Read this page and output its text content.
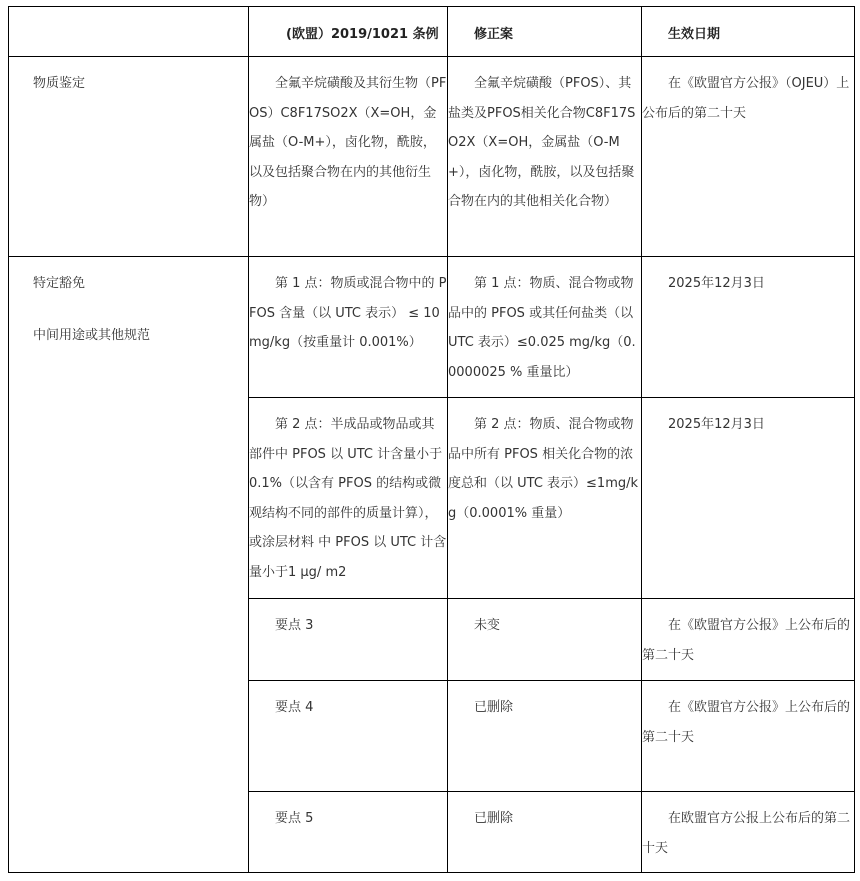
	(欧盟）2019/1021 条例	修正案	生效日期

物质鉴定	全氟辛烷磺酸及其衍生物（PFOS）C8F17SO2X（X=OH，金属盐（O-M+），卤化物，酰胺，以及包括聚合物在内的其他衍生物）	全氟辛烷磺酸（PFOS）、其盐类及PFOS相关化合物C8F17SO2X（X=OH，金属盐（O-M+），卤化物，酰胺，以及包括聚合物在内的其他相关化合物）	在《欧盟官方公报》（OJEU）上公布后的第二十天

特定豁免

中间用途或其他规范	第 1 点：物质或混合物中的 PFOS 含量（以 UTC 表示） ≤ 10 mg/kg（按重量计 0.001%）	第 1 点：物质、混合物或物品中的 PFOS 或其任何盐类（以 UTC 表示）≤0.025 mg/kg（0.0000025 % 重量比）	2025年12月3日

	第 2 点：半成品或物品或其部件中 PFOS 以 UTC 计含量小于 0.1%（以含有 PFOS 的结构或微观结构不同的部件的质量计算），或涂层材料 中 PFOS 以 UTC 计含量小于1 μg/ m2	第 2 点：物质、混合物或物品中所有 PFOS 相关化合物的浓度总和（以 UTC 表示）≤1mg/kg（0.0001% 重量）	2025年12月3日

	要点 3	未变	在《欧盟官方公报》上公布后的第二十天

	要点 4	已删除	在《欧盟官方公报》上公布后的第二十天

	要点 5	已删除	在欧盟官方公报上公布后的第二十天
